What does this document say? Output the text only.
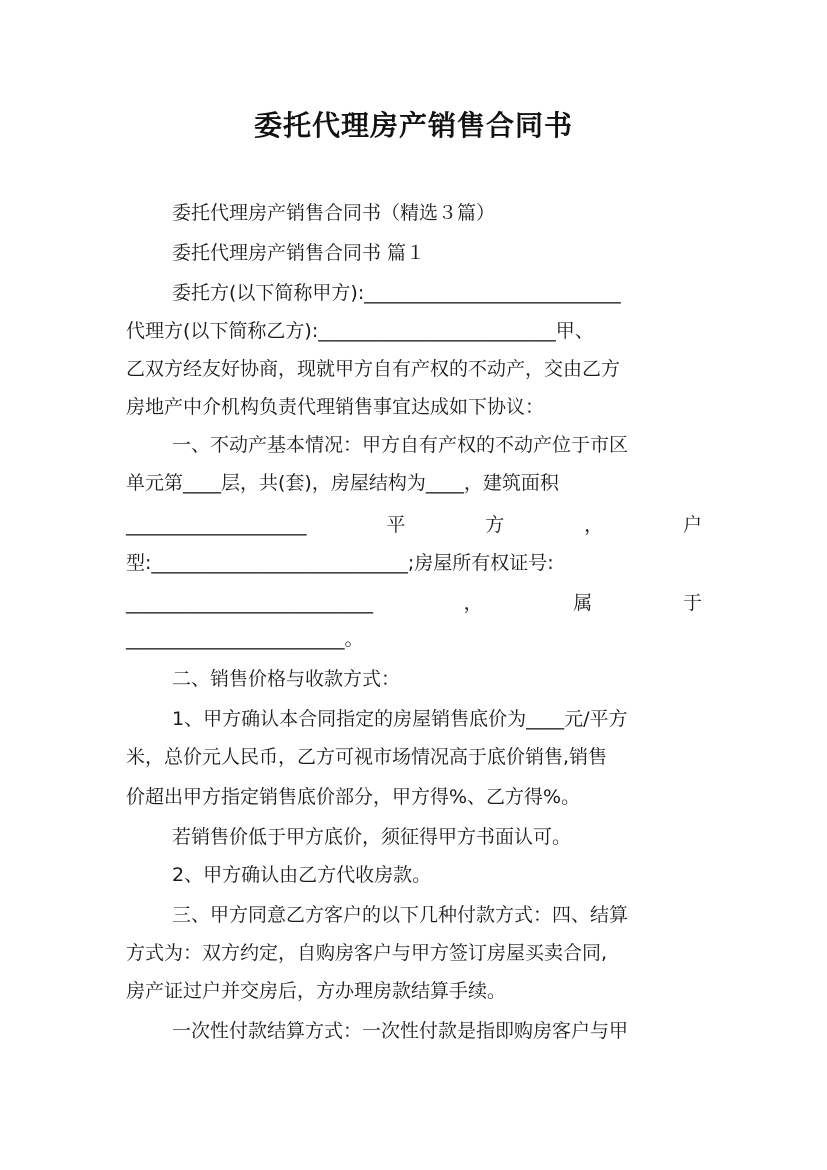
委托代理房产销售合同书
委托代理房产销售合同书（精选３篇）
委托代理房产销售合同书 篇１
委托方(以下简称甲方):___________________________
代理方(以下简称乙方):_________________________甲、
乙双方经友好协商，现就甲方自有产权的不动产，交由乙方
房地产中介机构负责代理销售事宜达成如下协议：
一、不动产基本情况：甲方自有产权的不动产位于市区
单元第____层，共(套)，房屋结构为____，建筑面积
___________________	平	方	，	户
型:___________________________;房屋所有权证号:
__________________________	，	属	于
_______________________。
二、销售价格与收款方式：
1、甲方确认本合同指定的房屋销售底价为____元/平方
米，总价元人民币，乙方可视市场情况高于底价销售,销售
价超出甲方指定销售底价部分，甲方得%、乙方得%。
若销售价低于甲方底价，须征得甲方书面认可。
2、甲方确认由乙方代收房款。
三、甲方同意乙方客户的以下几种付款方式：四、结算
方式为：双方约定，自购房客户与甲方签订房屋买卖合同,
房产证过户并交房后，方办理房款结算手续。
一次性付款结算方式：一次性付款是指即购房客户与甲
